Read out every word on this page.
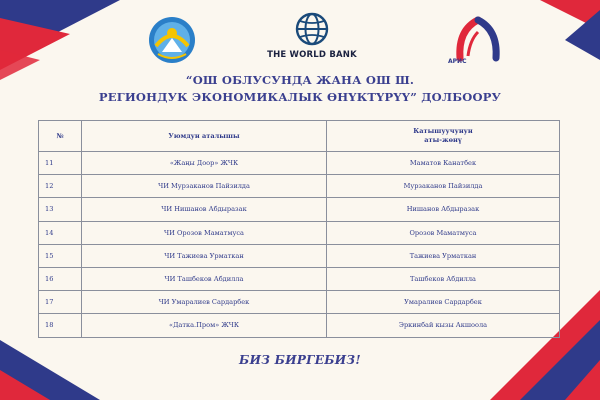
THE WORLD BANK
АРИС
“ОШ ОБЛУСУНДА ЖАНА ОШ Ш.
РЕГИОНДУК ЭКОНОМИКАЛЫК ӨНҮКТҮРҮҮ” ДОЛБООРУ
№	Уюмдун аталышы	Катышуучунун
аты-жөнү

11	«Жаңы Доор» ЖЧК	Маматов Канатбек
12	ЧИ Мурзаканов Пайзилда	Мурзаканов Пайзилда
13	ЧИ Нишанов Абдыразак	Нишанов Абдыразак
14	ЧИ Орозов Маматмуса	Орозов Маматмуса
15	ЧИ Тажиева Урматкан	Тажиева Урматкан
16	ЧИ Ташбеков Абдилла	Ташбеков Абдилла
17	ЧИ Умаралиев Сардарбек	Умаралиев Сардарбек
18	«Датка.Пром» ЖЧК	Эркинбай кызы Акшоола
БИЗ БИРГЕБИЗ!
